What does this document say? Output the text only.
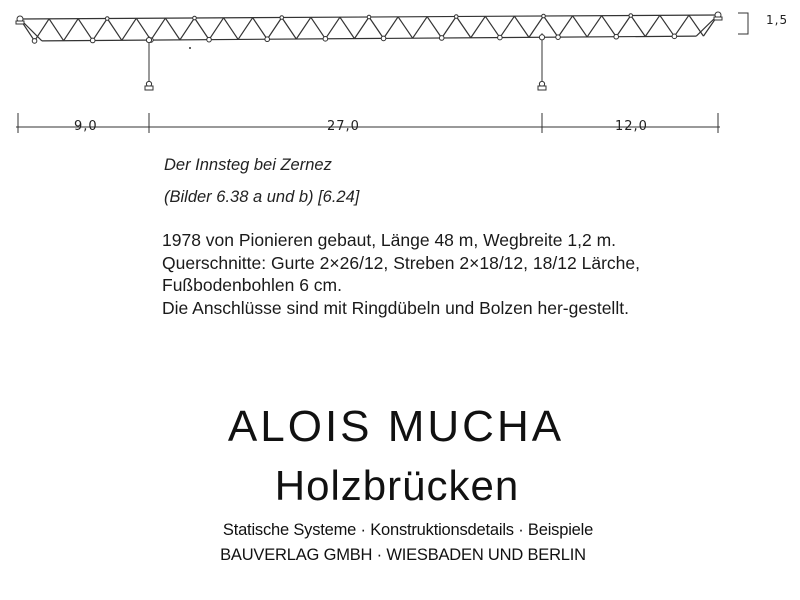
9,0	27,0	12,0
1,5
Der Innsteg bei Zernez
(Bilder 6.38 a und b) [6.24]

1978 von Pionieren gebaut, Länge 48 m, Wegbreite 1,2 m.

Querschnitte: Gurte 2×26/12, Streben 2×18/12, 18/12 Lärche, Fußbodenbohlen 6 cm.

Die Anschlüsse sind mit Ringdübeln und Bolzen her-gestellt.

ALOIS MUCHA
Holzbrücken
Statische Systeme · Konstruktionsdetails · Beispiele
BAUVERLAG GMBH · WIESBADEN UND BERLIN
